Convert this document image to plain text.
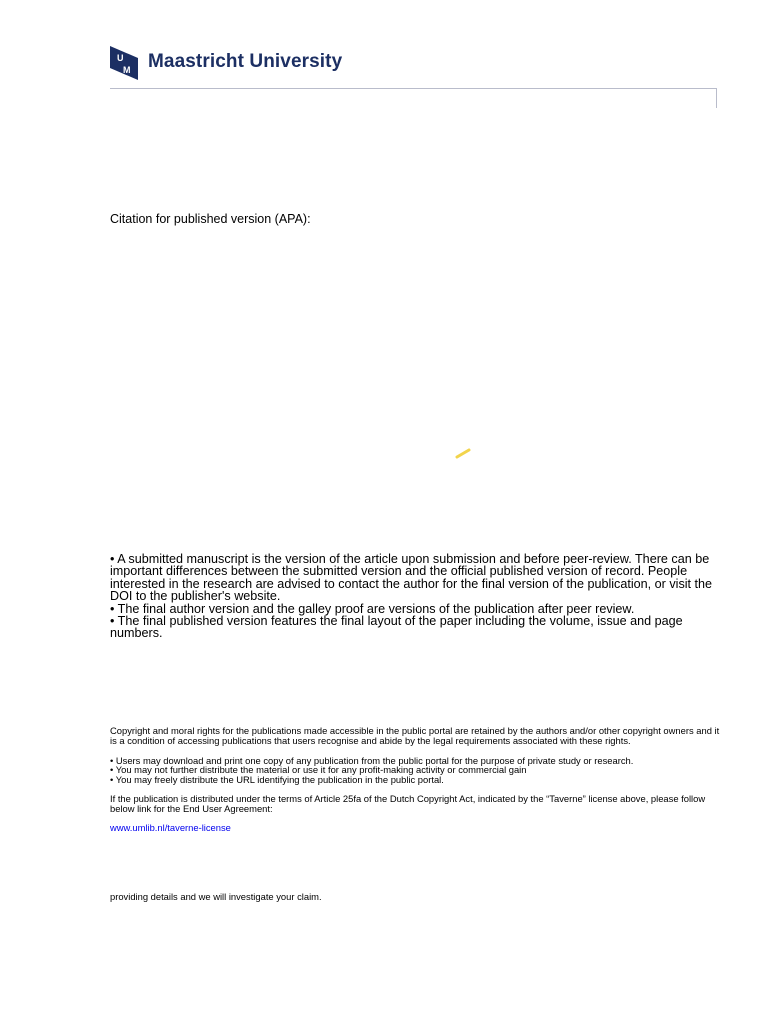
U
M Maastricht University
Citation for published version (APA):

• A submitted manuscript is the version of the article upon submission and before peer-review. There can be important differences between the submitted version and the official published version of record. People interested in the research are advised to contact the author for the final version of the publication, or visit the DOI to the publisher's website.

• The final author version and the galley proof are versions of the publication after peer review.

• The final published version features the final layout of the paper including the volume, issue and page numbers.

Copyright and moral rights for the publications made accessible in the public portal are retained by the authors and/or other copyright owners and it is a condition of accessing publications that users recognise and abide by the legal requirements associated with these rights.

• Users may download and print one copy of any publication from the public portal for the purpose of private study or research.

• You may not further distribute the material or use it for any profit-making activity or commercial gain

• You may freely distribute the URL identifying the publication in the public portal.

If the publication is distributed under the terms of Article 25fa of the Dutch Copyright Act, indicated by the “Taverne” license above, please follow below link for the End User Agreement:

www.umlib.nl/taverne-license

providing details and we will investigate your claim.
